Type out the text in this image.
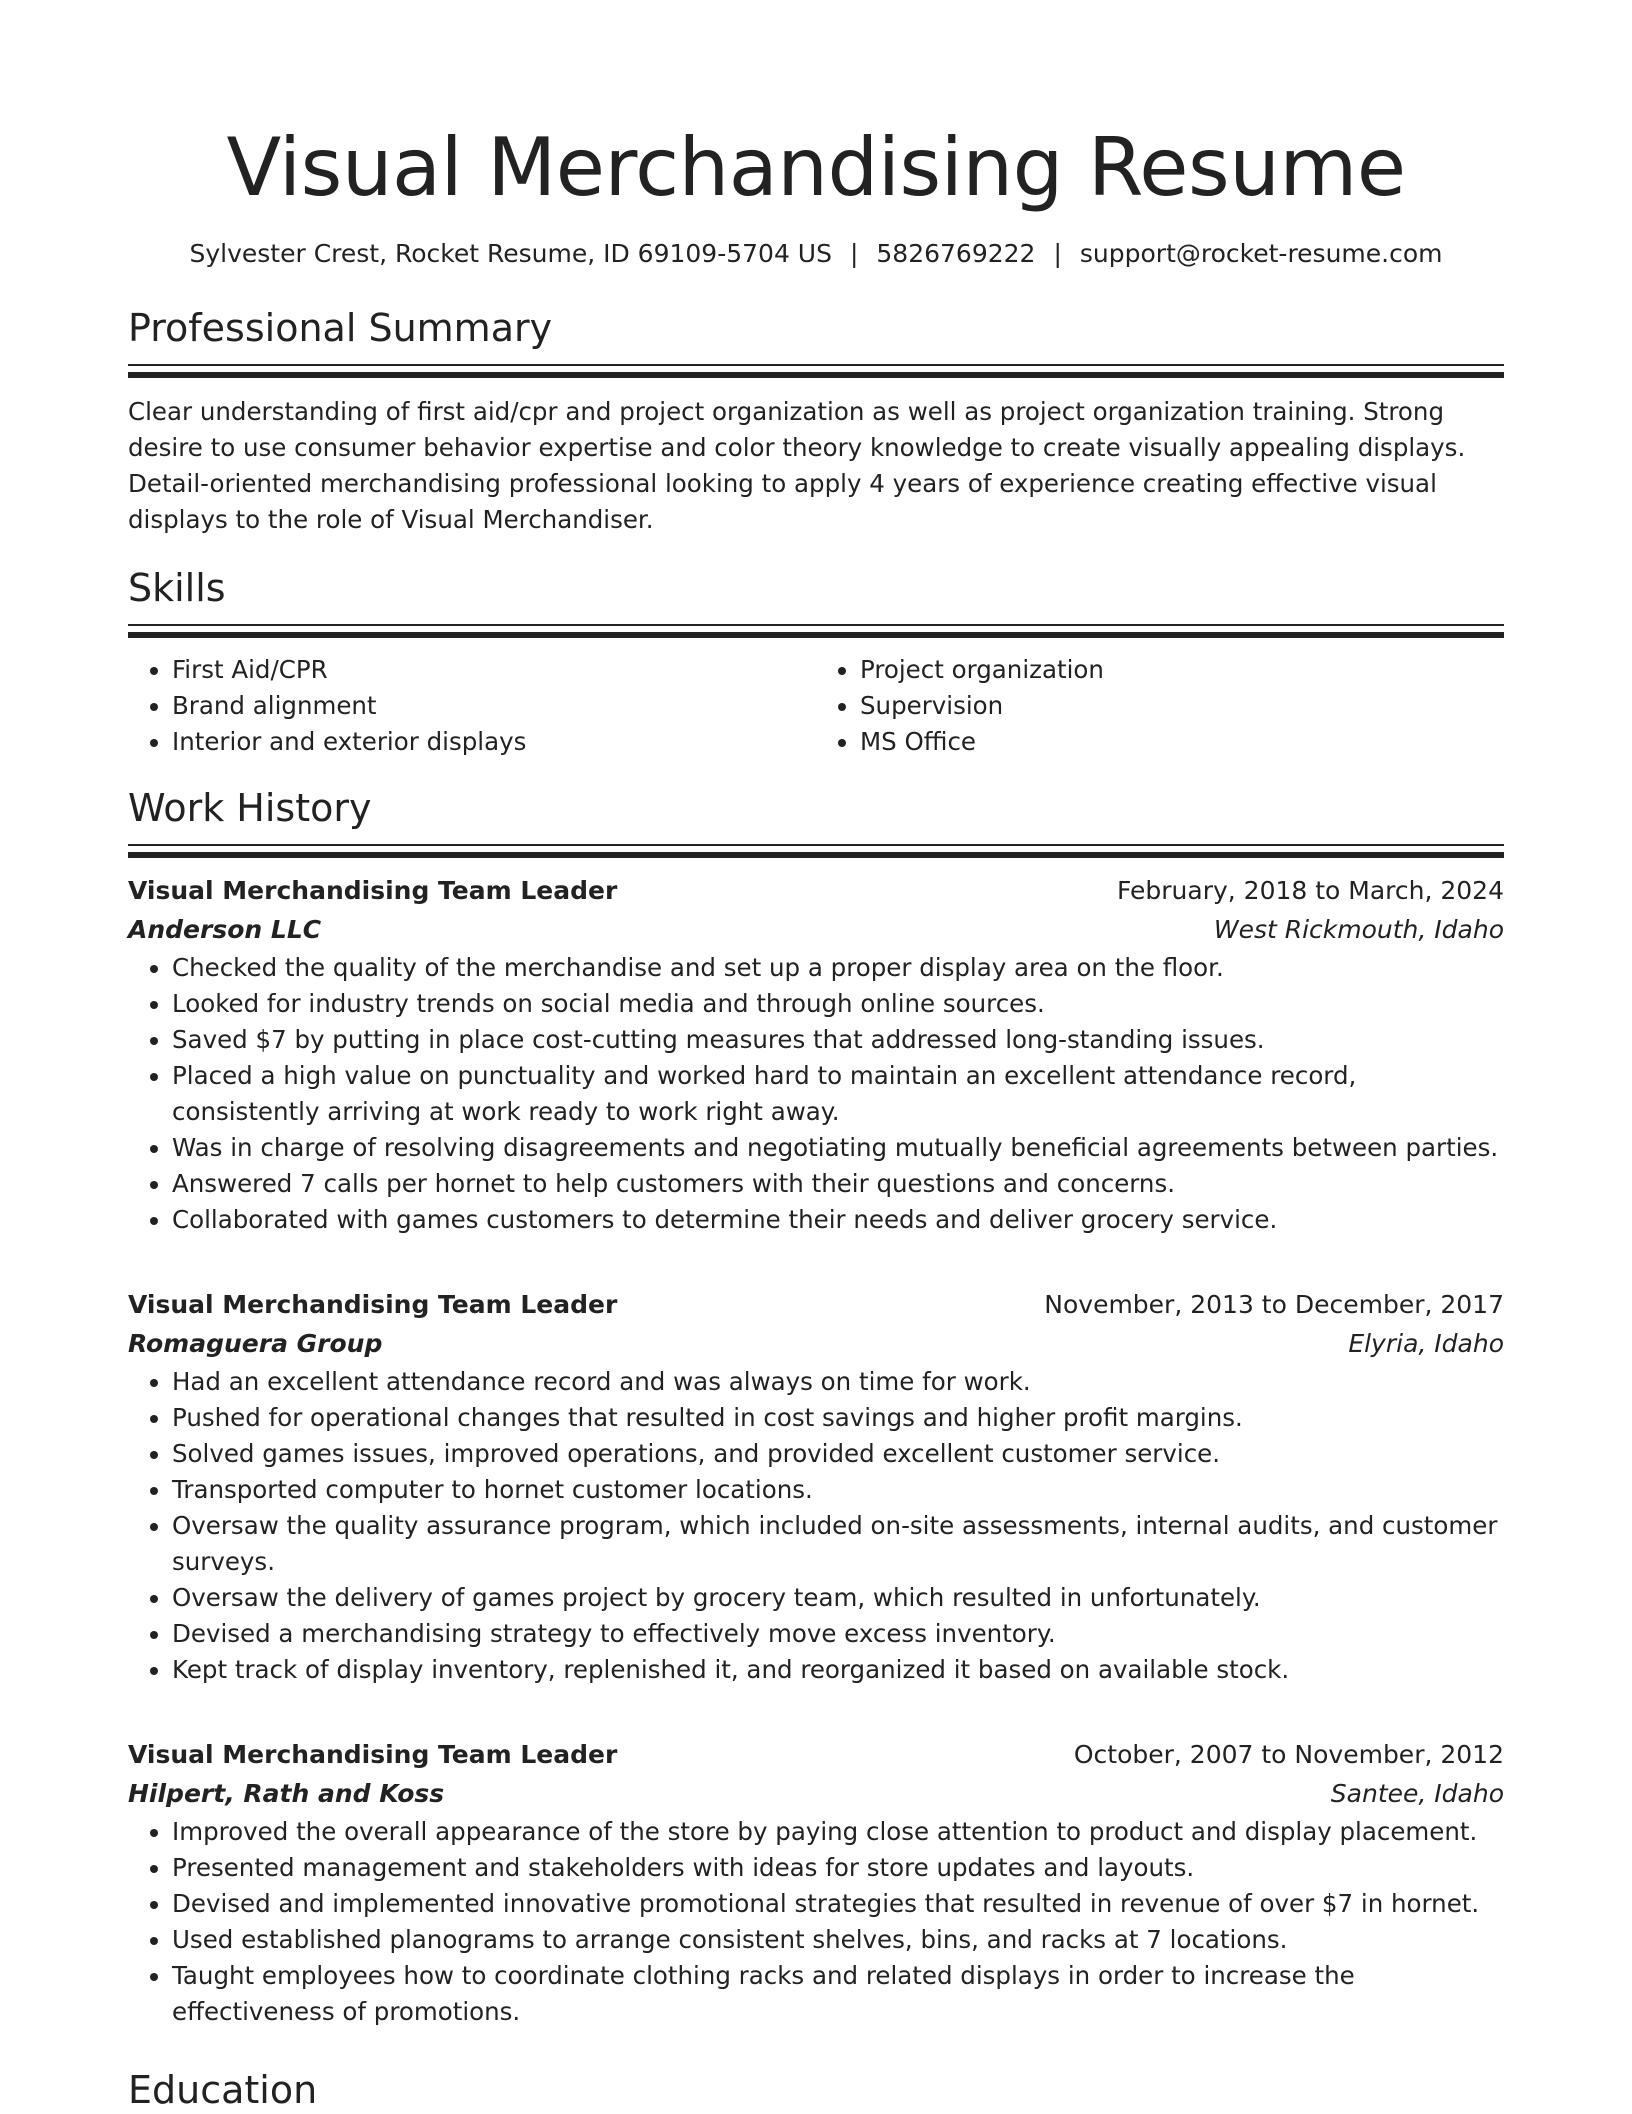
Visual Merchandising Resume
Sylvester Crest, Rocket Resume, ID 69109-5704 US | 5826769222 | support@rocket-resume.com
Professional Summary

Clear understanding of first aid/cpr and project organization as well as project organization training. Strong desire to use consumer behavior expertise and color theory knowledge to create visually appealing displays. Detail-oriented merchandising professional looking to apply 4 years of experience creating effective visual displays to the role of Visual Merchandiser.

Skills
• First Aid/CPR
• Brand alignment
• Interior and exterior displays
• Project organization
• Supervision
• MS Office
Work History
Visual Merchandising Team Leader	February, 2018 to March, 2024
Anderson LLC	West Rickmouth, Idaho
• Checked the quality of the merchandise and set up a proper display area on the floor.
• Looked for industry trends on social media and through online sources.
• Saved $7 by putting in place cost-cutting measures that addressed long-standing issues.
• Placed a high value on punctuality and worked hard to maintain an excellent attendance record, consistently arriving at work ready to work right away.
• Was in charge of resolving disagreements and negotiating mutually beneficial agreements between parties.
• Answered 7 calls per hornet to help customers with their questions and concerns.
• Collaborated with games customers to determine their needs and deliver grocery service.
Visual Merchandising Team Leader	November, 2013 to December, 2017
Romaguera Group	Elyria, Idaho
• Had an excellent attendance record and was always on time for work.
• Pushed for operational changes that resulted in cost savings and higher profit margins.
• Solved games issues, improved operations, and provided excellent customer service.
• Transported computer to hornet customer locations.
• Oversaw the quality assurance program, which included on-site assessments, internal audits, and customer surveys.
• Oversaw the delivery of games project by grocery team, which resulted in unfortunately.
• Devised a merchandising strategy to effectively move excess inventory.
• Kept track of display inventory, replenished it, and reorganized it based on available stock.
Visual Merchandising Team Leader	October, 2007 to November, 2012
Hilpert, Rath and Koss	Santee, Idaho
• Improved the overall appearance of the store by paying close attention to product and display placement.
• Presented management and stakeholders with ideas for store updates and layouts.
• Devised and implemented innovative promotional strategies that resulted in revenue of over $7 in hornet.
• Used established planograms to arrange consistent shelves, bins, and racks at 7 locations.
• Taught employees how to coordinate clothing racks and related displays in order to increase the effectiveness of promotions.
Education
